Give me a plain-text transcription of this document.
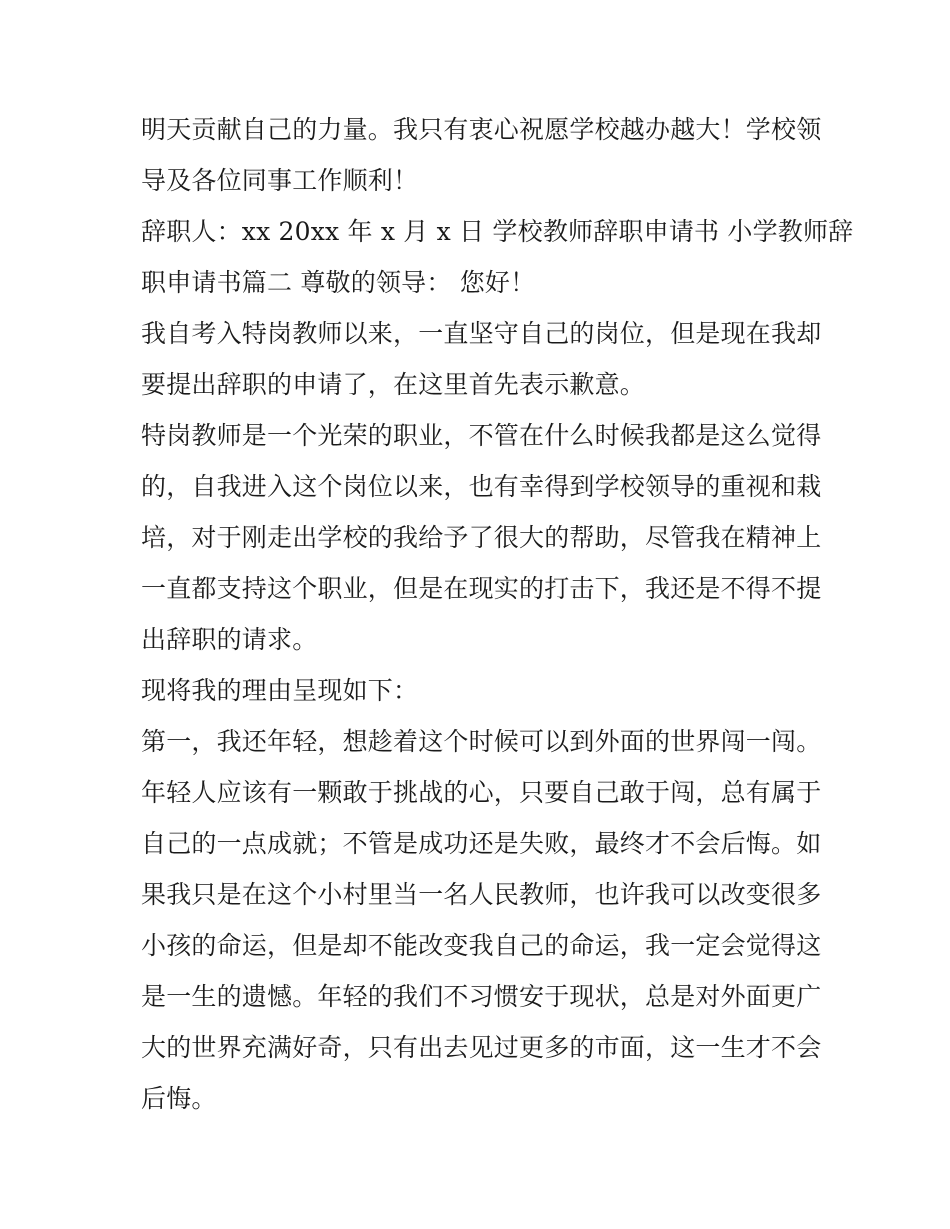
明天贡献自己的力量。我只有衷心祝愿学校越办越大！学校领
导及各位同事工作顺利！
辞职人：xx 20xx 年 x 月 x 日 学校教师辞职申请书 小学教师辞
职申请书篇二 尊敬的领导： 您好！
我自考入特岗教师以来，一直坚守自己的岗位，但是现在我却
要提出辞职的申请了，在这里首先表示歉意。
特岗教师是一个光荣的职业，不管在什么时候我都是这么觉得
的，自我进入这个岗位以来，也有幸得到学校领导的重视和栽
培，对于刚走出学校的我给予了很大的帮助，尽管我在精神上
一直都支持这个职业，但是在现实的打击下，我还是不得不提
出辞职的请求。
现将我的理由呈现如下：
第一，我还年轻，想趁着这个时候可以到外面的世界闯一闯。
年轻人应该有一颗敢于挑战的心，只要自己敢于闯，总有属于
自己的一点成就；不管是成功还是失败，最终才不会后悔。如
果我只是在这个小村里当一名人民教师，也许我可以改变很多
小孩的命运，但是却不能改变我自己的命运，我一定会觉得这
是一生的遗憾。年轻的我们不习惯安于现状，总是对外面更广
大的世界充满好奇，只有出去见过更多的市面，这一生才不会
后悔。
